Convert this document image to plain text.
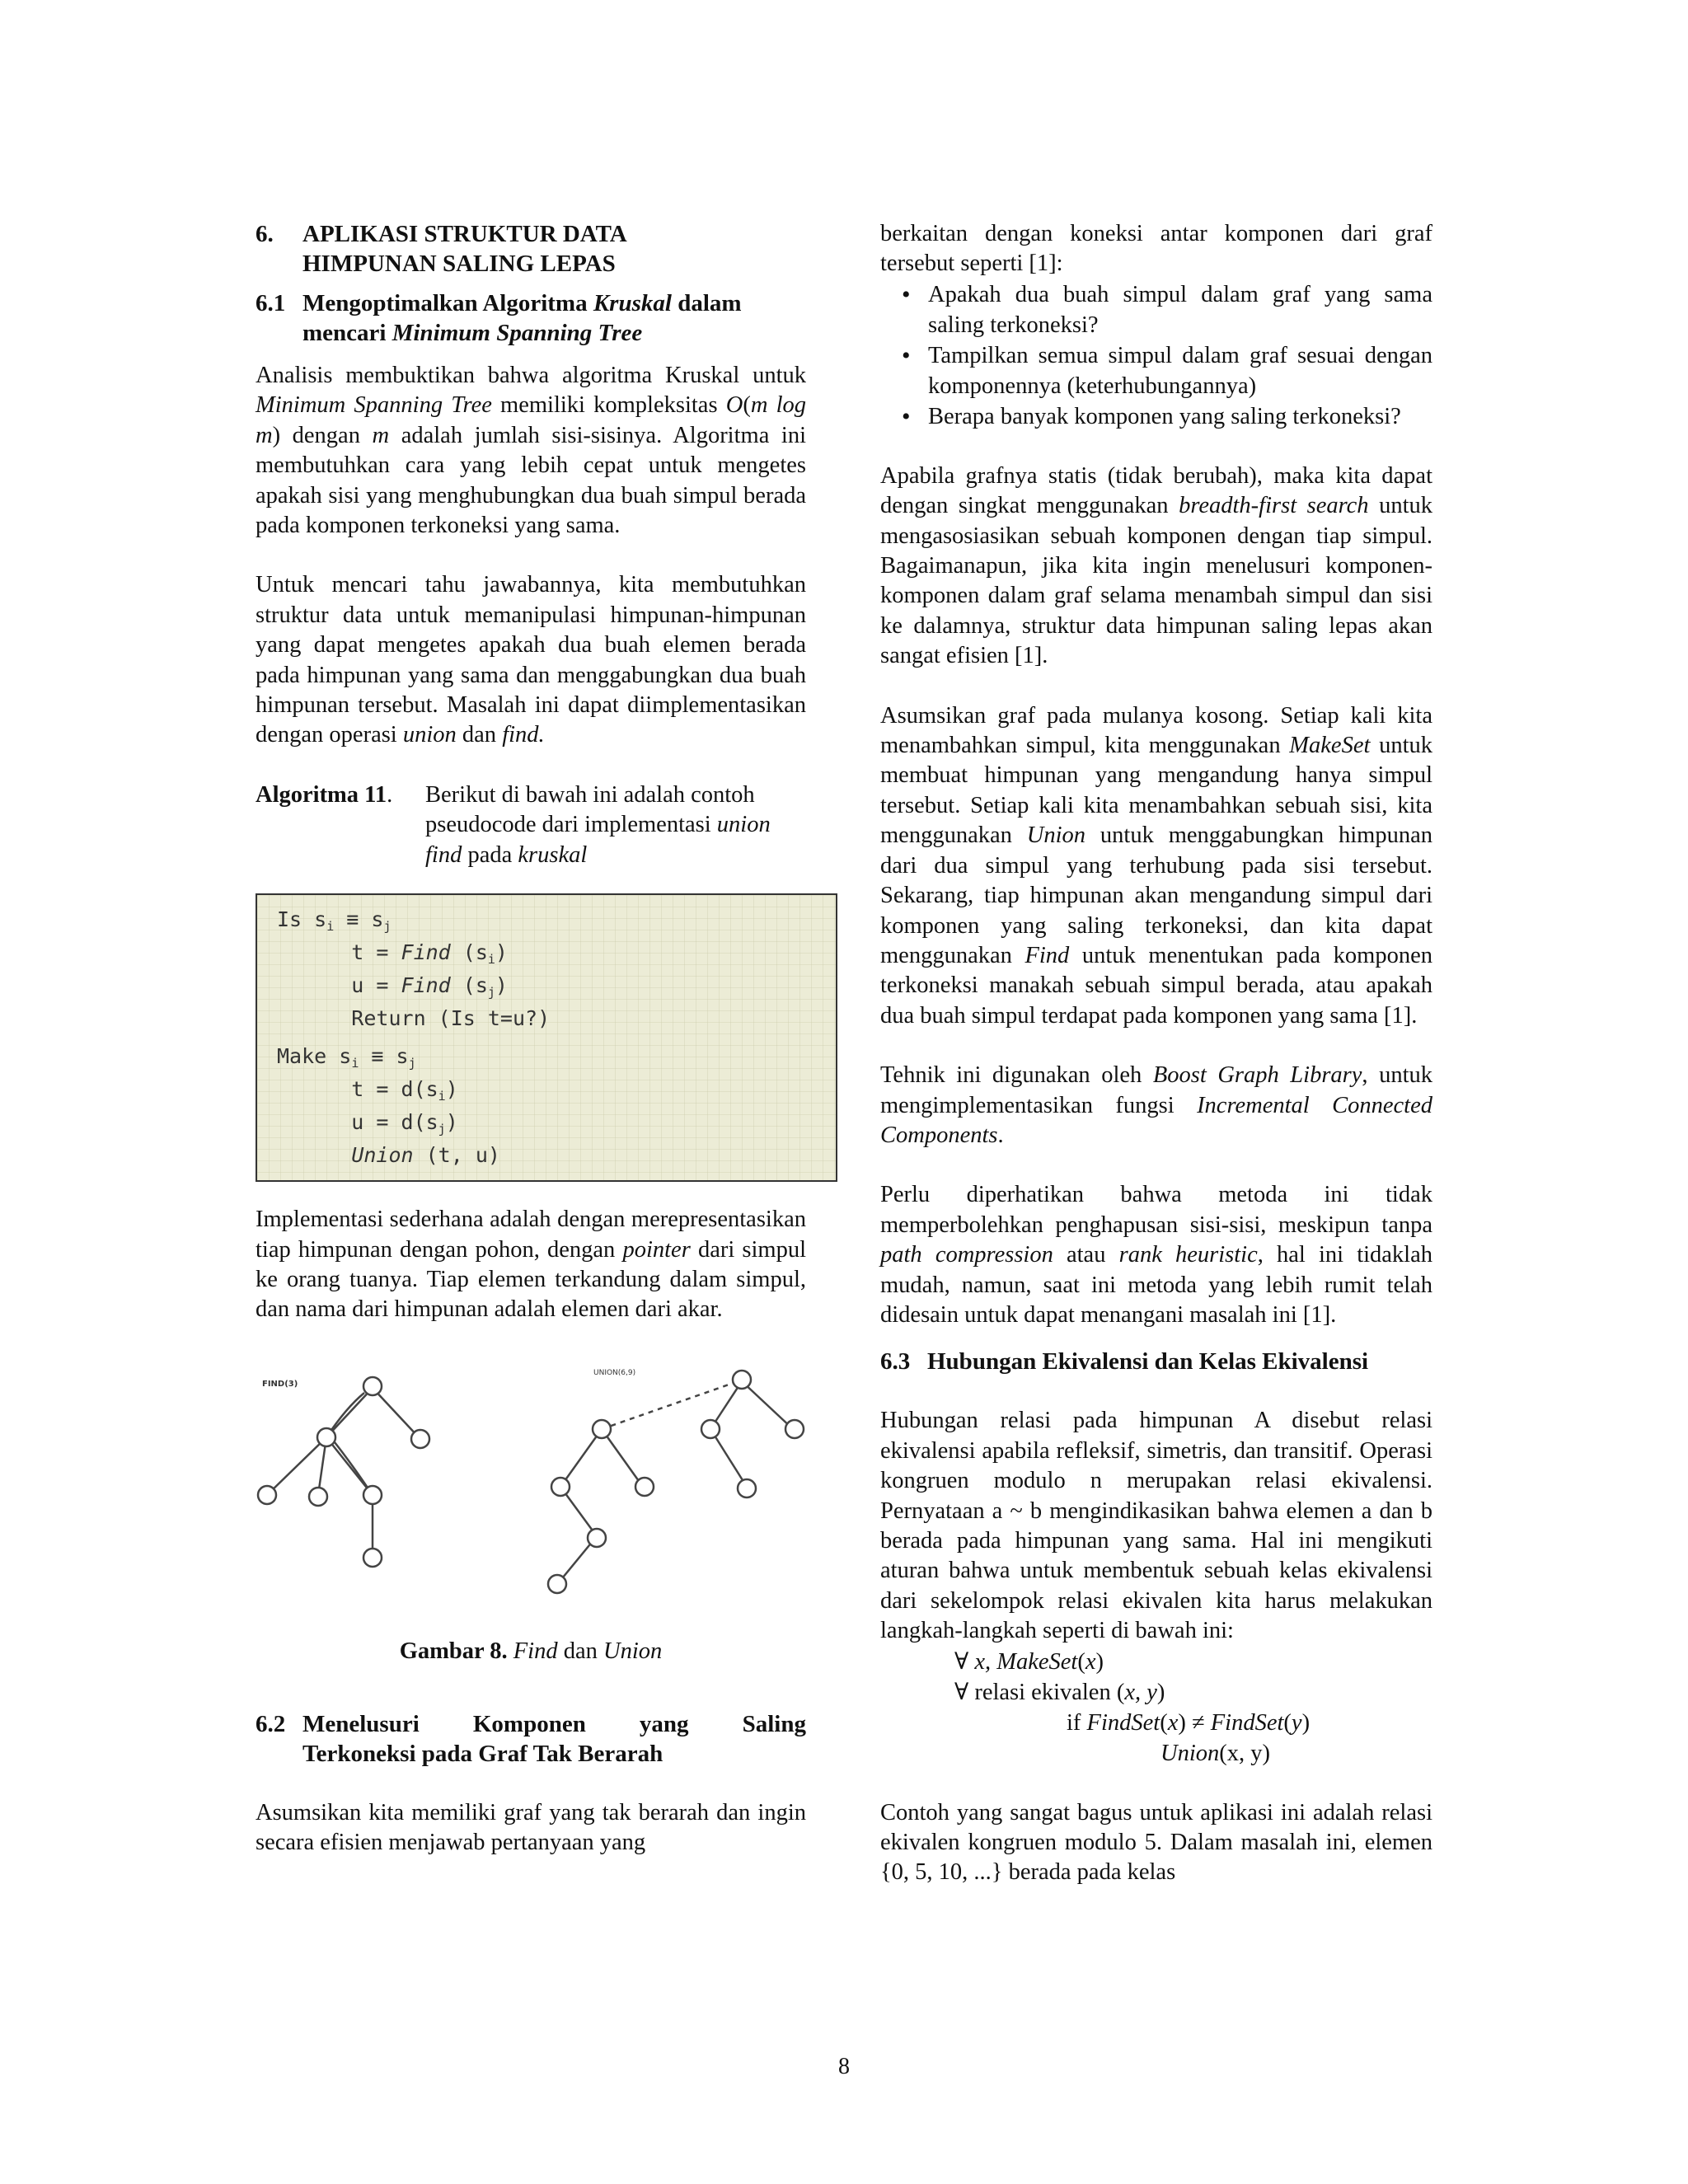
6. APLIKASI STRUKTUR DATA
HIMPUNAN SALING LEPAS
6.1 Mengoptimalkan Algoritma Kruskal dalam
mencari Minimum Spanning Tree

Analisis membuktikan bahwa algoritma Kruskal untuk Minimum Spanning Tree memiliki kompleksitas O(m log m) dengan m adalah jumlah sisi-sisinya. Algoritma ini membutuhkan cara yang lebih cepat untuk mengetes apakah sisi yang menghubungkan dua buah simpul berada pada komponen terkoneksi yang sama.

Untuk mencari tahu jawabannya, kita membutuhkan struktur data untuk memanipulasi himpunan-himpunan yang dapat mengetes apakah dua buah elemen berada pada himpunan yang sama dan menggabungkan dua buah himpunan tersebut. Masalah ini dapat diimplementasikan dengan operasi union dan find.

Algoritma 11.	Berikut di bawah ini adalah contoh pseudocode dari implementasi union find pada kruskal
Is $s_i \equiv s_j$
t = Find $(s_i)$
u = Find $(s_j)$
Return (Is t=u?)
Make $s_i \equiv s_j$
$t = d(s_i)$
$u = d(s_j)$
Union (t, u)

Implementasi sederhana adalah dengan merepresentasikan tiap himpunan dengan pohon, dengan pointer dari simpul ke orang tuanya. Tiap elemen terkandung dalam simpul, dan nama dari himpunan adalah elemen dari akar.

FIND(3)
UNION(6,9)
Gambar 8. Find dan Union
6.2 Menelusuri Komponen yang Saling
Terkoneksi pada Graf Tak Berarah

Asumsikan kita memiliki graf yang tak berarah dan ingin secara efisien menjawab pertanyaan yang

berkaitan dengan koneksi antar komponen dari graf tersebut seperti [1]:

• Apakah dua buah simpul dalam graf yang sama saling terkoneksi?
• Tampilkan semua simpul dalam graf sesuai dengan komponennya (keterhubungannya)
• Berapa banyak komponen yang saling terkoneksi?

Apabila grafnya statis (tidak berubah), maka kita dapat dengan singkat menggunakan breadth-first search untuk mengasosiasikan sebuah komponen dengan tiap simpul. Bagaimanapun, jika kita ingin menelusuri komponen-komponen dalam graf selama menambah simpul dan sisi ke dalamnya, struktur data himpunan saling lepas akan sangat efisien [1].

Asumsikan graf pada mulanya kosong. Setiap kali kita menambahkan simpul, kita menggunakan MakeSet untuk membuat himpunan yang mengandung hanya simpul tersebut. Setiap kali kita menambahkan sebuah sisi, kita menggunakan Union untuk menggabungkan himpunan dari dua simpul yang terhubung pada sisi tersebut. Sekarang, tiap himpunan akan mengandung simpul dari komponen yang saling terkoneksi, dan kita dapat menggunakan Find untuk menentukan pada komponen terkoneksi manakah sebuah simpul berada, atau apakah dua buah simpul terdapat pada komponen yang sama [1].

Tehnik ini digunakan oleh Boost Graph Library, untuk mengimplementasikan fungsi Incremental Connected Components.

Perlu diperhatikan bahwa metoda ini tidak memperbolehkan penghapusan sisi-sisi, meskipun tanpa path compression atau rank heuristic, hal ini tidaklah mudah, namun, saat ini metoda yang lebih rumit telah didesain untuk dapat menangani masalah ini [1].

6.3 Hubungan Ekivalensi dan Kelas Ekivalensi

Hubungan relasi pada himpunan A disebut relasi ekivalensi apabila refleksif, simetris, dan transitif. Operasi kongruen modulo n merupakan relasi ekivalensi. Pernyataan a ~ b mengindikasikan bahwa elemen a dan b berada pada himpunan yang sama. Hal ini mengikuti aturan bahwa untuk membentuk sebuah kelas ekivalensi dari sekelompok relasi ekivalen kita harus melakukan langkah-langkah seperti di bawah ini:

∀ x, MakeSet(x)
∀ relasi ekivalen (x, y)
if FindSet(x) ≠ FindSet(y)
Union(x, y)

Contoh yang sangat bagus untuk aplikasi ini adalah relasi ekivalen kongruen modulo 5. Dalam masalah ini, elemen {0, 5, 10, ...} berada pada kelas

8
